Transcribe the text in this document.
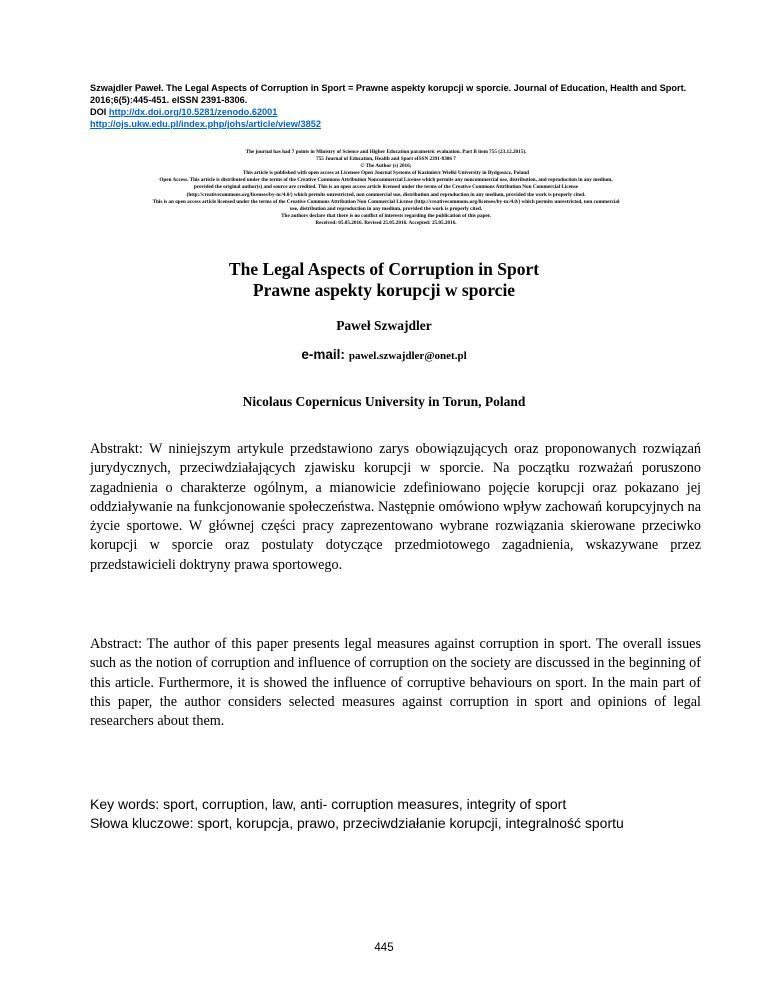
Szwajdler Paweł. The Legal Aspects of Corruption in Sport = Prawne aspekty korupcji w sporcie. Journal of Education, Health and Sport. 2016;6(5):445-451. eISSN 2391-8306.
DOI http://dx.doi.org/10.5281/zenodo.62001
http://ojs.ukw.edu.pl/index.php/johs/article/view/3852
The journal has had 7 points in Ministry of Science and Higher Education parametric evaluation. Part B item 755 (23.12.2015).
755 Journal of Education, Health and Sport eISSN 2391-8306 7
© The Author (s) 2016;
This article is published with open access at Licensee Open Journal Systems of Kazimierz Wielki University in Bydgoszcz, Poland
Open Access. This article is distributed under the terms of the Creative Commons Attribution Noncommercial License which permits any noncommercial use, distribution, and reproduction in any medium,
provided the original author(s) and source are credited. This is an open access article licensed under the terms of the Creative Commons Attribution Non Commercial License
(http://creativecommons.org/licenses/by-nc/4.0/) which permits unrestricted, non commercial use, distribution and reproduction in any medium, provided the work is properly cited.
This is an open access article licensed under the terms of the Creative Commons Attribution Non Commercial License (http://creativecommons.org/licenses/by-nc/4.0/) which permits unrestricted, non commercial
use, distribution and reproduction in any medium, provided the work is properly cited.
The authors declare that there is no conflict of interests regarding the publication of this paper.
Received: 05.05.2016. Revised 25.05.2016. Accepted: 25.05.2016.
The Legal Aspects of Corruption in Sport
Prawne aspekty korupcji w sporcie
Paweł Szwajdler
e-mail: pawel.szwajdler@onet.pl
Nicolaus Copernicus University in Torun, Poland
Abstrakt: W niniejszym artykule przedstawiono zarys obowiązujących oraz proponowanych rozwiązań jurydycznych, przeciwdziałających zjawisku korupcji w sporcie. Na początku rozważań poruszono zagadnienia o charakterze ogólnym, a mianowicie zdefiniowano pojęcie korupcji oraz pokazano jej oddziaływanie na funkcjonowanie społeczeństwa. Następnie omówiono wpływ zachowań korupcyjnych na życie sportowe. W głównej części pracy zaprezentowano wybrane rozwiązania skierowane przeciwko korupcji w sporcie oraz postulaty dotyczące przedmiotowego zagadnienia, wskazywane przez przedstawicieli doktryny prawa sportowego.
Abstract: The author of this paper presents legal measures against corruption in sport. The overall issues such as the notion of corruption and influence of corruption on the society are discussed in the beginning of this article. Furthermore, it is showed the influence of corruptive behaviours on sport. In the main part of this paper, the author considers selected measures against corruption in sport and opinions of legal researchers about them.
Key words: sport, corruption, law, anti- corruption measures, integrity of sport
Słowa kluczowe: sport, korupcja, prawo, przeciwdziałanie korupcji, integralność sportu
445
